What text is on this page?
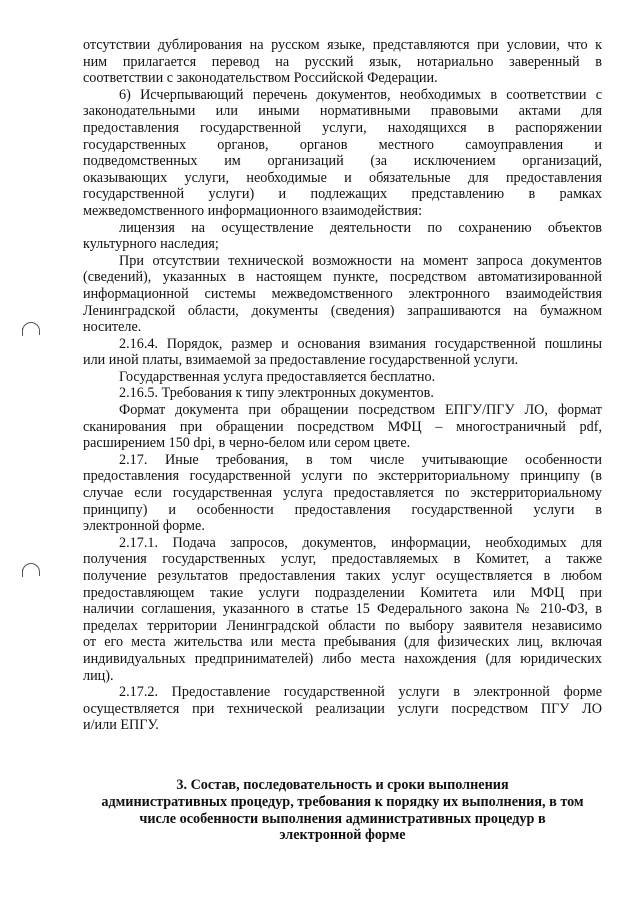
отсутствии дублирования на русском языке, представляются при условии, что к
ним прилагается перевод на русский язык, нотариально заверенный в
соответствии с законодательством Российской Федерации.
6) Исчерпывающий перечень документов, необходимых в соответствии с
законодательными или иными нормативными правовыми актами для
предоставления государственной услуги, находящихся в распоряжении
государственных органов, органов местного самоуправления и
подведомственных им организаций (за исключением организаций,
оказывающих услуги, необходимые и обязательные для предоставления
государственной услуги) и подлежащих представлению в рамках
межведомственного информационного взаимодействия:
лицензия на осуществление деятельности по сохранению объектов
культурного наследия;
При отсутствии технической возможности на момент запроса документов
(сведений), указанных в настоящем пункте, посредством автоматизированной
информационной системы межведомственного электронного взаимодействия
Ленинградской области, документы (сведения) запрашиваются на бумажном
носителе.
2.16.4. Порядок, размер и основания взимания государственной пошлины
или иной платы, взимаемой за предоставление государственной услуги.
Государственная услуга предоставляется бесплатно.
2.16.5. Требования к типу электронных документов.
Формат документа при обращении посредством ЕПГУ/ПГУ ЛО, формат
сканирования при обращении посредством МФЦ – многостраничный pdf,
расширением 150 dpi, в черно-белом или сером цвете.
2.17. Иные требования, в том числе учитывающие особенности
предоставления государственной услуги по экстерриториальному принципу (в
случае если государственная услуга предоставляется по экстерриториальному
принципу) и особенности предоставления государственной услуги в
электронной форме.
2.17.1. Подача запросов, документов, информации, необходимых для
получения государственных услуг, предоставляемых в Комитет, а также
получение результатов предоставления таких услуг осуществляется в любом
предоставляющем такие услуги подразделении Комитета или МФЦ при
наличии соглашения, указанного в статье 15 Федерального закона № 210-ФЗ, в
пределах территории Ленинградской области по выбору заявителя независимо
от его места жительства или места пребывания (для физических лиц, включая
индивидуальных предпринимателей) либо места нахождения (для юридических
лиц).
2.17.2. Предоставление государственной услуги в электронной форме
осуществляется при технической реализации услуги посредством ПГУ ЛО
и/или ЕПГУ.
3. Состав, последовательность и сроки выполнения
административных процедур, требования к порядку их выполнения, в том
числе особенности выполнения административных процедур в
электронной форме
